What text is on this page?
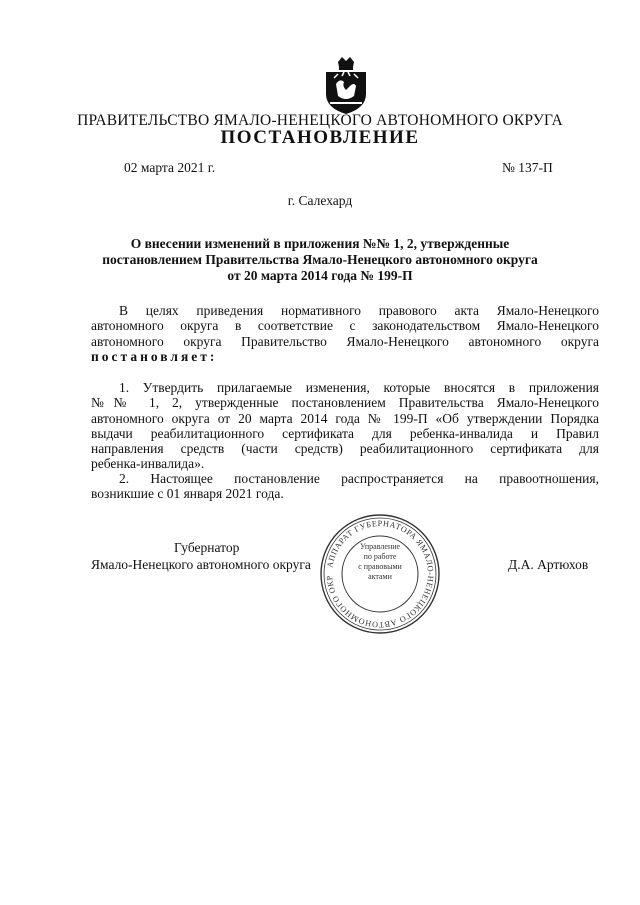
ПРАВИТЕЛЬСТВО ЯМАЛО-НЕНЕЦКОГО АВТОНОМНОГО ОКРУГА
ПОСТАНОВЛЕНИЕ
02 марта 2021 г.	№ 137-П
г. Салехард
О внесении изменений в приложения №№ 1, 2, утвержденные
постановлением Правительства Ямало-Ненецкого автономного округа
от 20 марта 2014 года № 199-П
В целях приведения нормативного правового акта Ямало-Ненецкого
автономного округа в соответствие с законодательством Ямало-Ненецкого
автономного округа Правительство Ямало-Ненецкого автономного округа
постановляет:
1. Утвердить прилагаемые изменения, которые вносятся в приложения
№№ 1, 2, утвержденные постановлением Правительства Ямало-Ненецкого
автономного округа от 20 марта 2014 года № 199-П «Об утверждении Порядка
выдачи реабилитационного сертификата для ребенка-инвалида и Правил
направления средств (части средств) реабилитационного сертификата для
ребенка-инвалида».
2. Настоящее постановление распространяется на правоотношения,
возникшие с 01 января 2021 года.
Губернатор
Ямало-Ненецкого автономного округа	Д.А. Артюхов
АППАРАТ ГУБЕРНАТОРА ЯМАЛО-НЕНЕЦКОГО АВТОНОМНОГО ОКР
Управление
по работе
с правовыми
актами
